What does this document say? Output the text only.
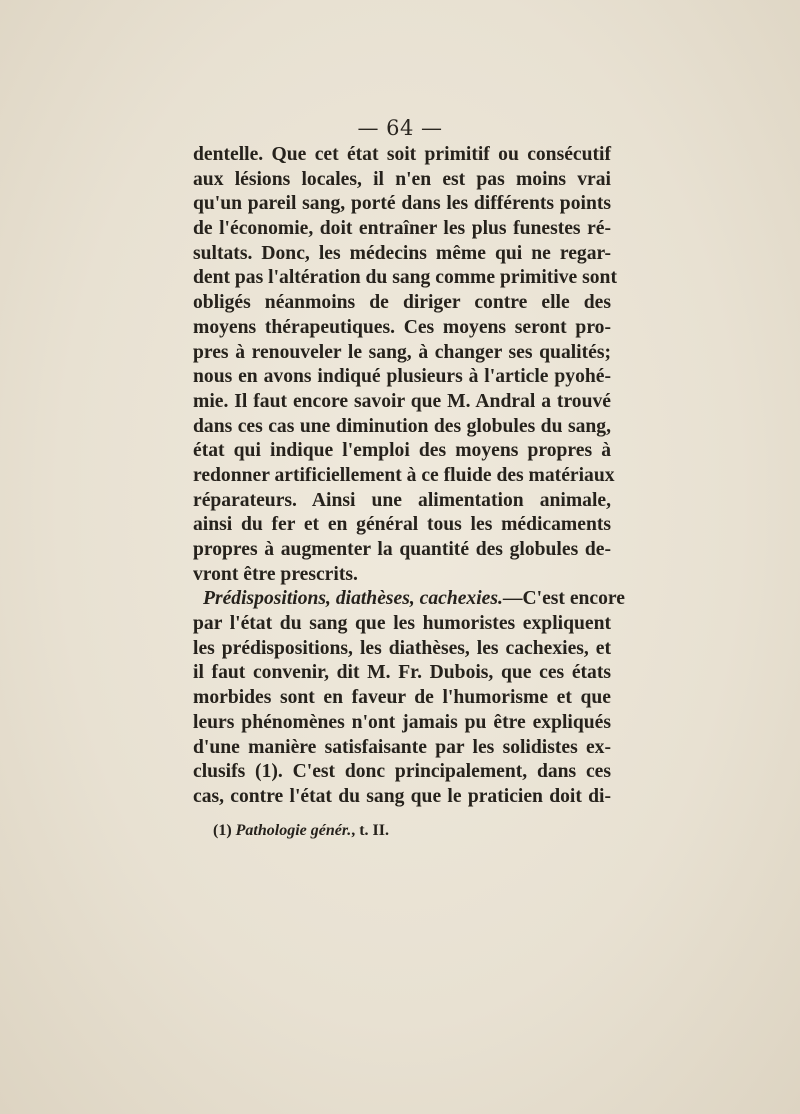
— 64 —
dentelle. Que cet état soit primitif ou consécutif
aux lésions locales, il n'en est pas moins vrai
qu'un pareil sang, porté dans les différents points
de l'économie, doit entraîner les plus funestes ré-
sultats. Donc, les médecins même qui ne regar-
dent pas l'altération du sang comme primitive sont
obligés néanmoins de diriger contre elle des
moyens thérapeutiques. Ces moyens seront pro-
pres à renouveler le sang, à changer ses qualités;
nous en avons indiqué plusieurs à l'article pyohé-
mie. Il faut encore savoir que M. Andral a trouvé
dans ces cas une diminution des globules du sang,
état qui indique l'emploi des moyens propres à
redonner artificiellement à ce fluide des matériaux
réparateurs. Ainsi une alimentation animale,
ainsi du fer et en général tous les médicaments
propres à augmenter la quantité des globules de-
vront être prescrits.
Prédispositions, diathèses, cachexies.—C'est encore
par l'état du sang que les humoristes expliquent
les prédispositions, les diathèses, les cachexies, et
il faut convenir, dit M. Fr. Dubois, que ces états
morbides sont en faveur de l'humorisme et que
leurs phénomènes n'ont jamais pu être expliqués
d'une manière satisfaisante par les solidistes ex-
clusifs (1). C'est donc principalement, dans ces
cas, contre l'état du sang que le praticien doit di-
(1) Pathologie génér., t. II.
